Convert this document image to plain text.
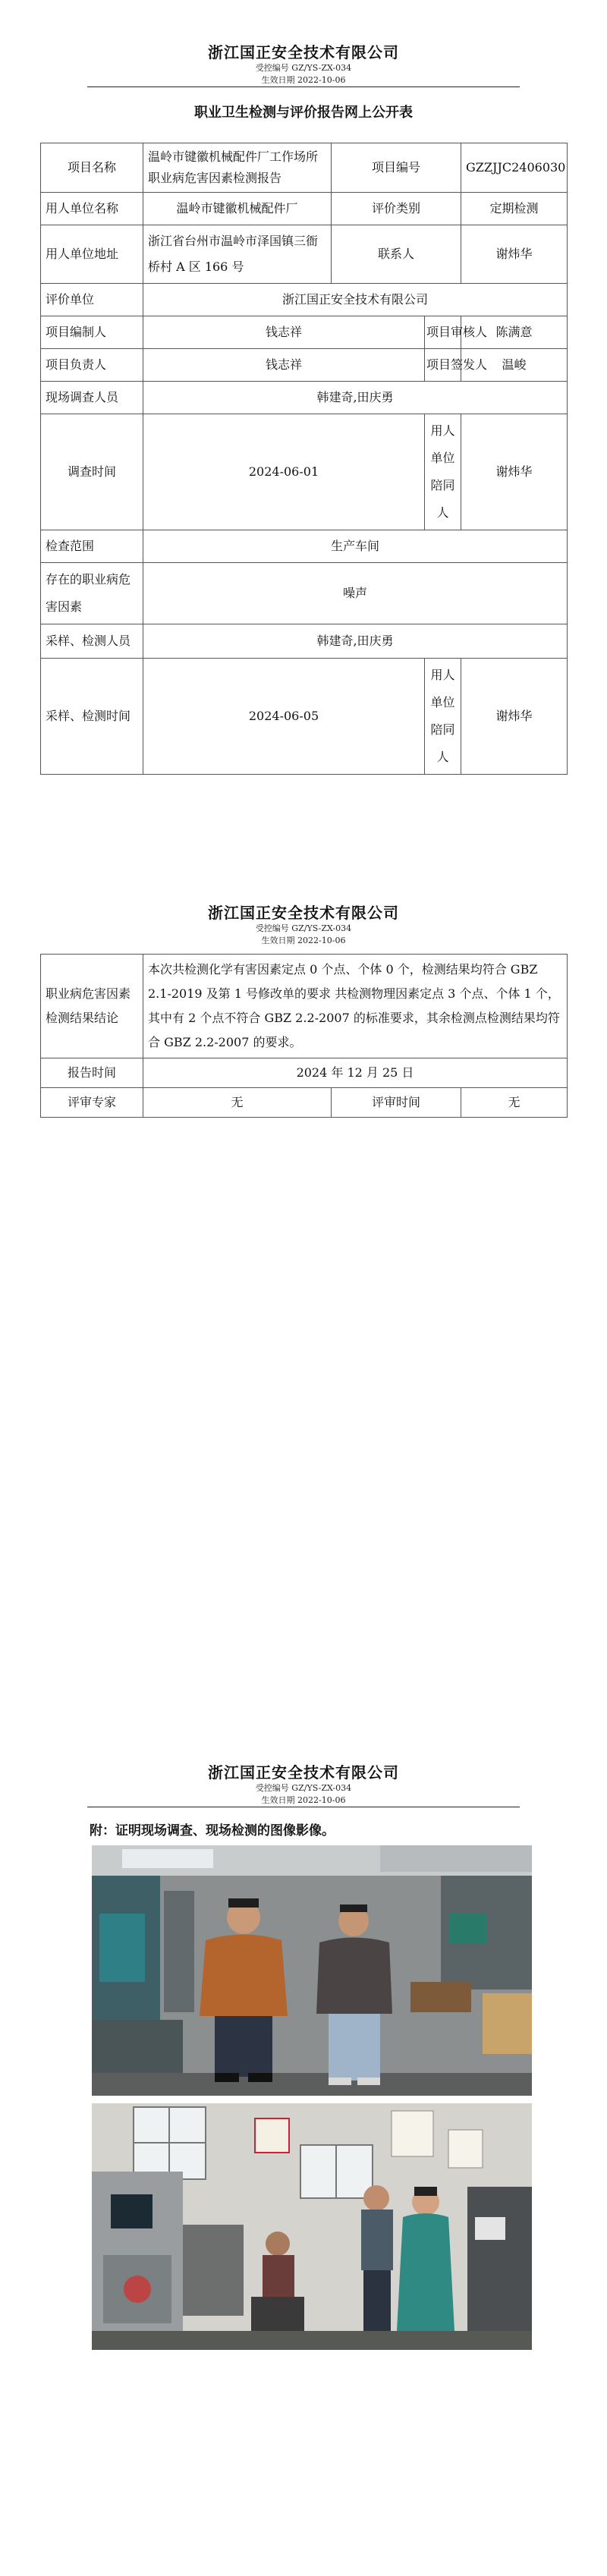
浙江国正安全技术有限公司
受控编号 GZ/YS-ZX-034
生效日期 2022-10-06
职业卫生检测与评价报告网上公开表
项目名称	温岭市键徽机械配件厂工作场所职业病危害因素检测报告	项目编号		GZZJJC2406030
用人单位名称	温岭市键徽机械配件厂	评价类别		定期检测
用人单位地址	浙江省台州市温岭市泽国镇三衙桥村 A 区 166 号	联系人		谢炜华
评价单位	浙江国正安全技术有限公司			
项目编制人	钱志祥		项目审核人	陈满意
项目负责人	钱志祥		项目签发人	温峻
现场调查人员	韩建奇,田庆勇			
调查时间	2024-06-01		用人单位陪同人	谢炜华
检查范围	生产车间			
存在的职业病危害因素	噪声			
采样、检测人员	韩建奇,田庆勇			
采样、检测时间	2024-06-05		用人单位陪同人	谢炜华
浙江国正安全技术有限公司
受控编号 GZ/YS-ZX-034
生效日期 2022-10-06
职业病危害因素检测结果结论	本次共检测化学有害因素定点 0 个点、个体 0 个，检测结果均符合 GBZ 2.1-2019 及第 1 号修改单的要求 共检测物理因素定点 3 个点、个体 1 个，其中有 2 个点不符合 GBZ 2.2-2007 的标准要求，其余检测点检测结果均符合 GBZ 2.2-2007 的要求。		
报告时间	2024 年 12 月 25 日		
评审专家	无	评审时间	无
浙江国正安全技术有限公司
受控编号 GZ/YS-ZX-034
生效日期 2022-10-06
附：证明现场调查、现场检测的图像影像。
